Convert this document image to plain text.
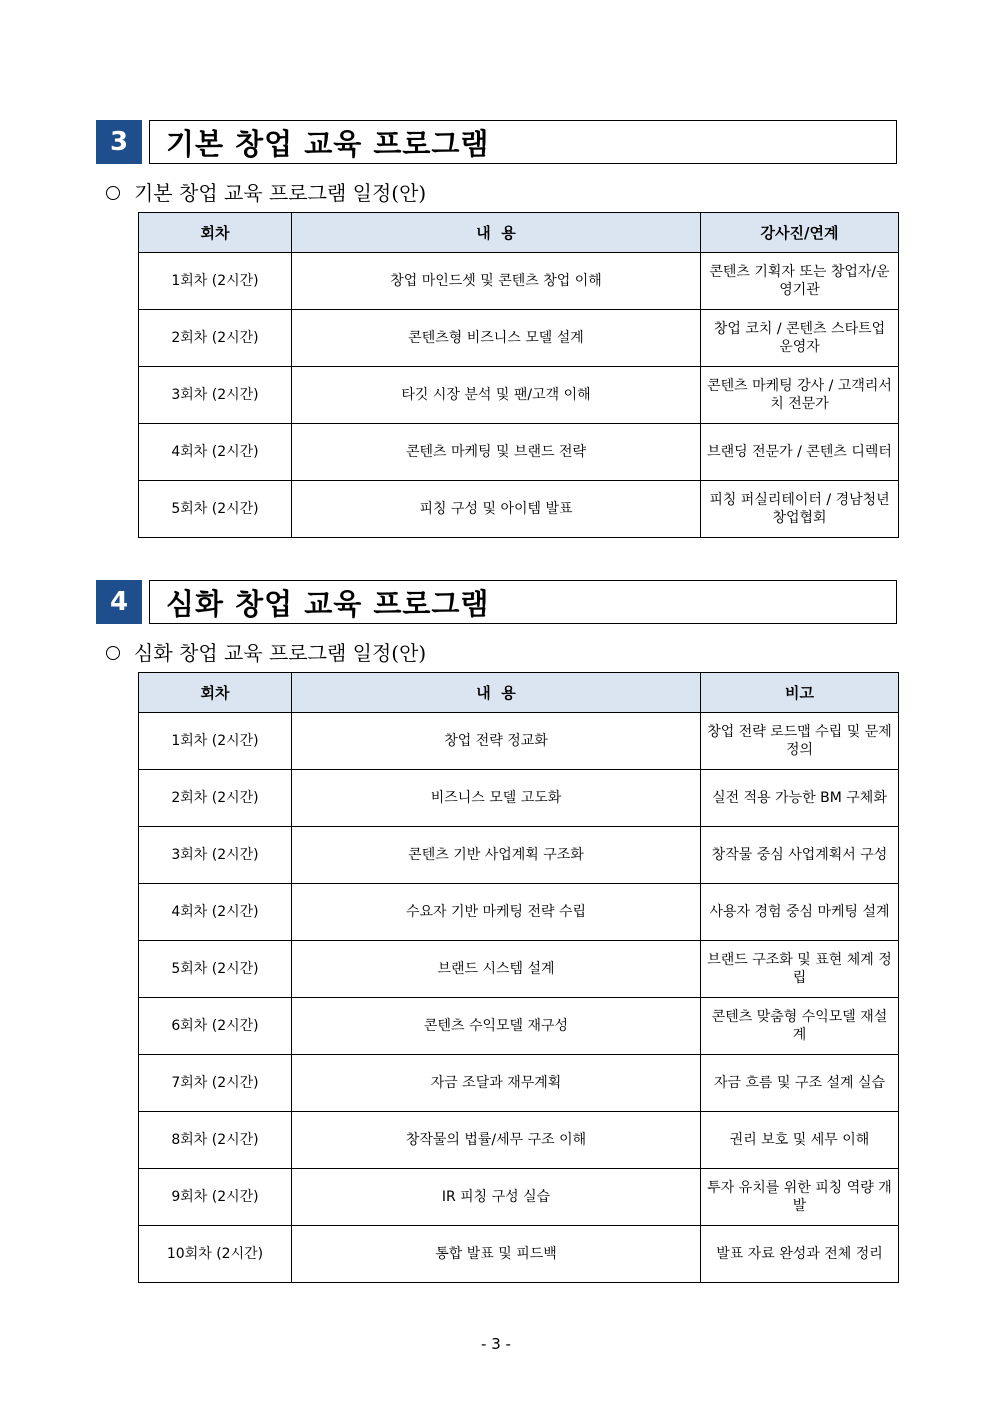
3	기본 창업 교육 프로그램
기본 창업 교육 프로그램 일정(안)
회차	내  용	강사진/연계
1회차 (2시간)	창업 마인드셋 및 콘텐츠 창업 이해	콘텐츠 기획자 또는 창업자/운영기관
2회차 (2시간)	콘텐츠형 비즈니스 모델 설계	창업 코치 / 콘텐츠 스타트업 운영자
3회차 (2시간)	타깃 시장 분석 및 팬/고객 이해	콘텐츠 마케팅 강사 / 고객리서치 전문가
4회차 (2시간)	콘텐츠 마케팅 및 브랜드 전략	브랜딩 전문가 / 콘텐츠 디렉터
5회차 (2시간)	피칭 구성 및 아이템 발표	피칭 퍼실리테이터 / 경남청년창업협회
4	심화 창업 교육 프로그램
심화 창업 교육 프로그램 일정(안)
회차	내  용	비고
1회차 (2시간)	창업 전략 정교화	창업 전략 로드맵 수립 및 문제 정의
2회차 (2시간)	비즈니스 모델 고도화	실전 적용 가능한 BM 구체화
3회차 (2시간)	콘텐츠 기반 사업계획 구조화	창작물 중심 사업계획서 구성
4회차 (2시간)	수요자 기반 마케팅 전략 수립	사용자 경험 중심 마케팅 설계
5회차 (2시간)	브랜드 시스템 설계	브랜드 구조화 및 표현 체계 정립
6회차 (2시간)	콘텐츠 수익모델 재구성	콘텐츠 맞춤형 수익모델 재설계
7회차 (2시간)	자금 조달과 재무계획	자금 흐름 및 구조 설계 실습
8회차 (2시간)	창작물의 법률/세무 구조 이해	권리 보호 및 세무 이해
9회차 (2시간)	IR 피칭 구성 실습	투자 유치를 위한 피칭 역량 개발
10회차 (2시간)	통합 발표 및 피드백	발표 자료 완성과 전체 정리
- 3 -
